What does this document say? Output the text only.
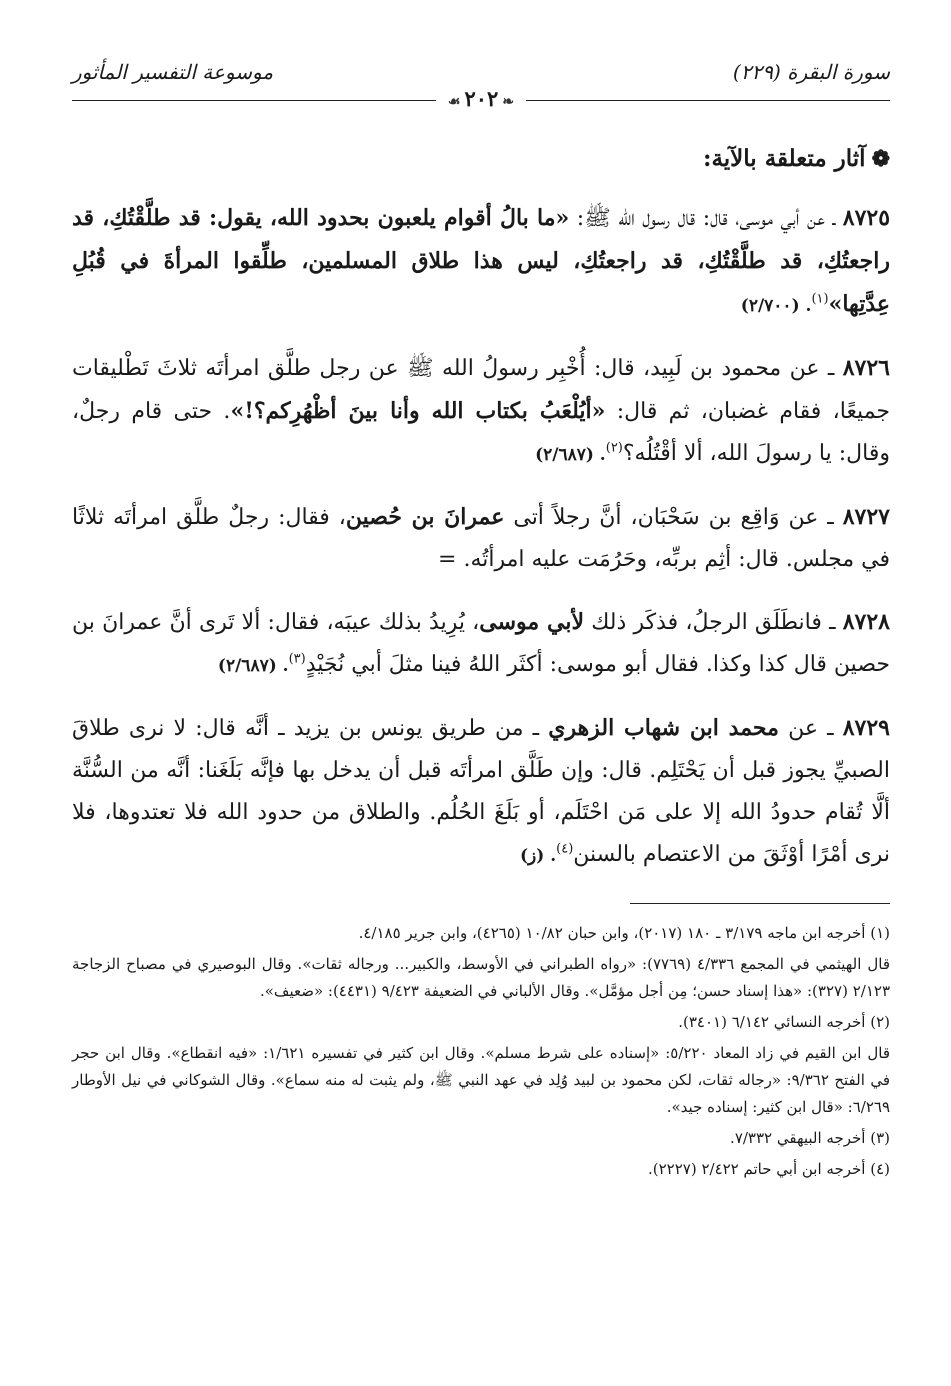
سورة البقرة (٢٢٩)
❧٢٠٢☙
موسوعة التفسير المأثور
❁آثار متعلقة بالآية:
٨٧٢٥ ـ عن أبي موسى، قال: قال رسول الله ﷺ: «ما بالُ أقوام يلعبون بحدود الله، يقول: قد طلَّقْتُكِ، قد راجعتُكِ، قد طلَّقْتُكِ، قد راجعتُكِ، ليس هذا طلاق المسلمين، طلِّقوا المرأةَ في قُبُلِ عِدَّتِها»$^{(١)}$. (٢/٧٠٠)
٨٧٢٦ ـ عن محمود بن لَبِيد، قال: أُخْبِر رسولُ الله ﷺ عن رجل طلَّق امرأتَه ثلاثَ تَطْليقات جميعًا، فقام غضبان، ثم قال: «أيُلْعَبُ بكتاب الله وأنا بينَ أظْهُرِكم؟!». حتى قام رجلٌ، وقال: يا رسولَ الله، ألا أقْتُلُه؟$^{(٢)}$. (٢/٦٨٧)
٨٧٢٧ ـ عن وَاقِع بن سَحْبَان، أنَّ رجلاً أتى عمرانَ بن حُصين، فقال: رجلٌ طلَّق امرأتَه ثلاثًا في مجلس. قال: أثِم بربِّه، وحَرُمَت عليه امرأتُه. =
٨٧٢٨ ـ فانطَلَق الرجلُ، فذكَر ذلك لأبي موسى، يُرِيدُ بذلك عيبَه، فقال: ألا تَرى أنَّ عمرانَ بن حصين قال كذا وكذا. فقال أبو موسى: أكثَر اللهُ فينا مثلَ أبي نُجَيْدٍ$^{(٣)}$. (٢/٦٨٧)
٨٧٢٩ ـ عن محمد ابن شهاب الزهري ـ من طريق يونس بن يزيد ـ أنَّه قال: لا نرى طلاقَ الصبيِّ يجوز قبل أن يَحْتَلِم. قال: وإن طَلَّق امرأتَه قبل أن يدخل بها فإنَّه بَلَغَنا: أنَّه من السُّنَّة ألَّا تُقام حدودُ الله إلا على مَن احْتَلَم، أو بَلَغَ الحُلُم. والطلاق من حدود الله فلا تعتدوها، فلا نرى أمْرًا أوْثَقَ من الاعتصام بالسنن$^{(٤)}$. (ز)
(١) أخرجه ابن ماجه ٣/١٧٩ ـ ١٨٠ (٢٠١٧)، وابن حبان ١٠/٨٢ (٤٢٦٥)، وابن جرير ٤/١٨٥.
قال الهيثمي في المجمع ٤/٣٣٦ (٧٧٦٩): «رواه الطبراني في الأوسط، والكبير... ورجاله ثقات». وقال البوصيري في مصباح الزجاجة ٢/١٢٣ (٣٢٧): «هذا إسناد حسن؛ مِن أجل مؤمَّل». وقال الألباني في الضعيفة ٩/٤٢٣ (٤٤٣١): «ضعيف».
(٢) أخرجه النسائي ٦/١٤٢ (٣٤٠١).
قال ابن القيم في زاد المعاد ٥/٢٢٠: «إسناده على شرط مسلم». وقال ابن كثير في تفسيره ١/٦٢١: «فيه انقطاع». وقال ابن حجر في الفتح ٩/٣٦٢: «رجاله ثقات، لكن محمود بن لبيد وُلِد في عهد النبي ﷺ، ولم يثبت له منه سماع». وقال الشوكاني في نيل الأوطار ٦/٢٦٩: «قال ابن كثير: إسناده جيد».
(٣) أخرجه البيهقي ٧/٣٣٢.
(٤) أخرجه ابن أبي حاتم ٢/٤٢٢ (٢٢٢٧).
